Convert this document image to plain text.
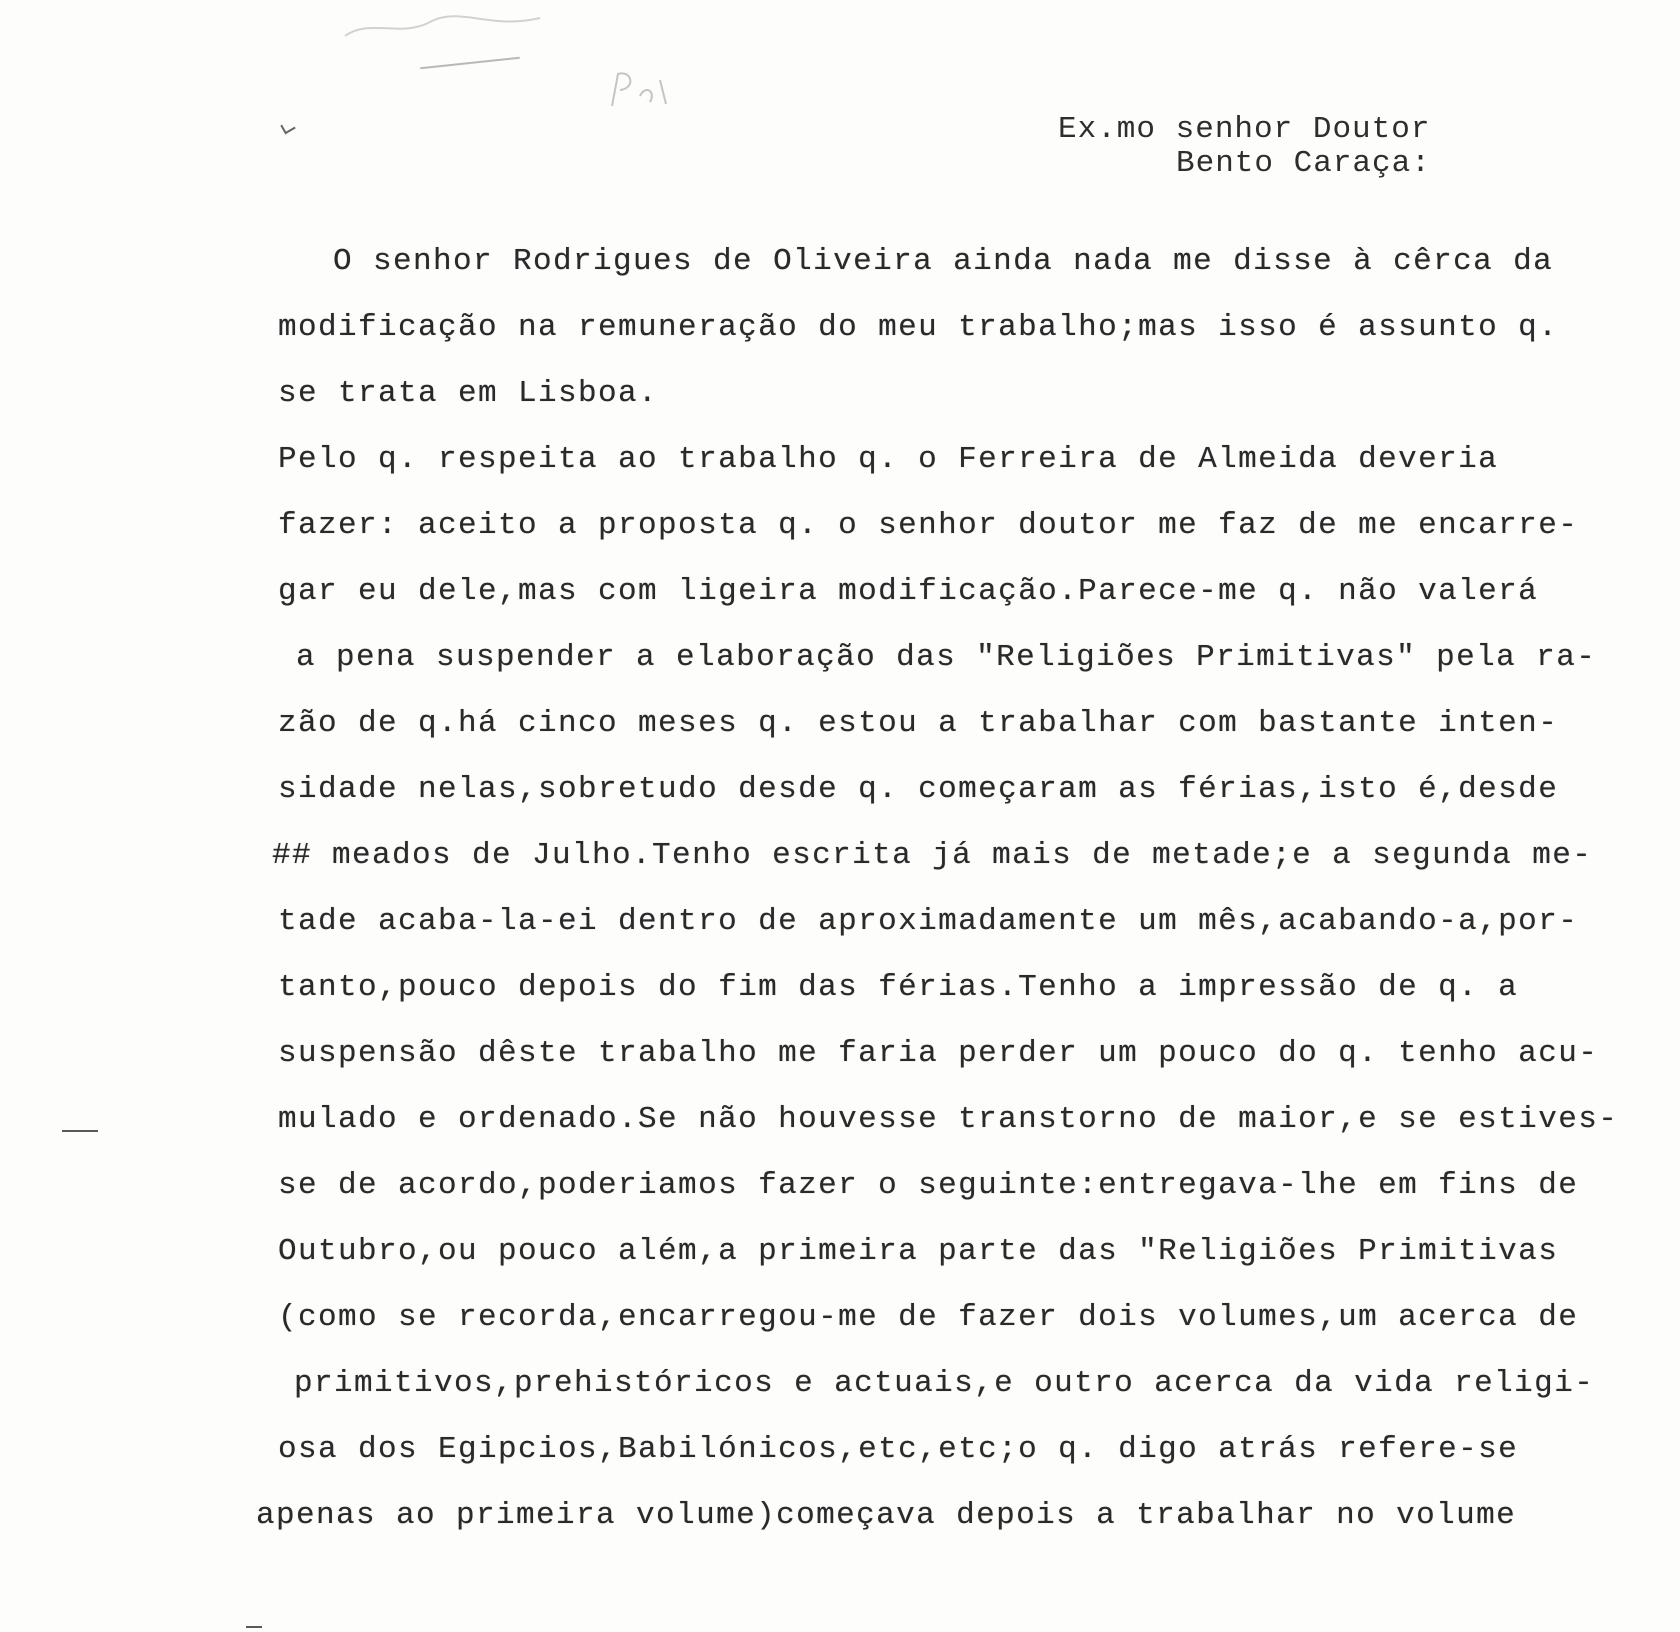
Ex.mo senhor Doutor
Bento Caraça:
O senhor Rodrigues de Oliveira ainda nada me disse à cêrca da
modificação na remuneração do meu trabalho;mas isso é assunto q.
se trata em Lisboa.
Pelo q. respeita ao trabalho q. o Ferreira de Almeida deveria
fazer: aceito a proposta q. o senhor doutor me faz de me encarre-
gar eu dele,mas com ligeira modificação.Parece-me q. não valerá
a pena suspender a elaboração das "Religiões Primitivas" pela ra-
zão de q.há cinco meses q. estou a trabalhar com bastante inten-
sidade nelas,sobretudo desde q. começaram as férias,isto é,desde
## meados de Julho.Tenho escrita já mais de metade;e a segunda me-
tade acaba-la-ei dentro de aproximadamente um mês,acabando-a,por-
tanto,pouco depois do fim das férias.Tenho a impressão de q. a
suspensão dêste trabalho me faria perder um pouco do q. tenho acu-
mulado e ordenado.Se não houvesse transtorno de maior,e se estives-
se de acordo,poderiamos fazer o seguinte:entregava-lhe em fins de
Outubro,ou pouco além,a primeira parte das "Religiões Primitivas
(como se recorda,encarregou-me de fazer dois volumes,um acerca de
primitivos,prehistóricos e actuais,e outro acerca da vida religi-
osa dos Egipcios,Babilónicos,etc,etc;o q. digo atrás refere-se
apenas ao primeira volume)começava depois a trabalhar no volume
